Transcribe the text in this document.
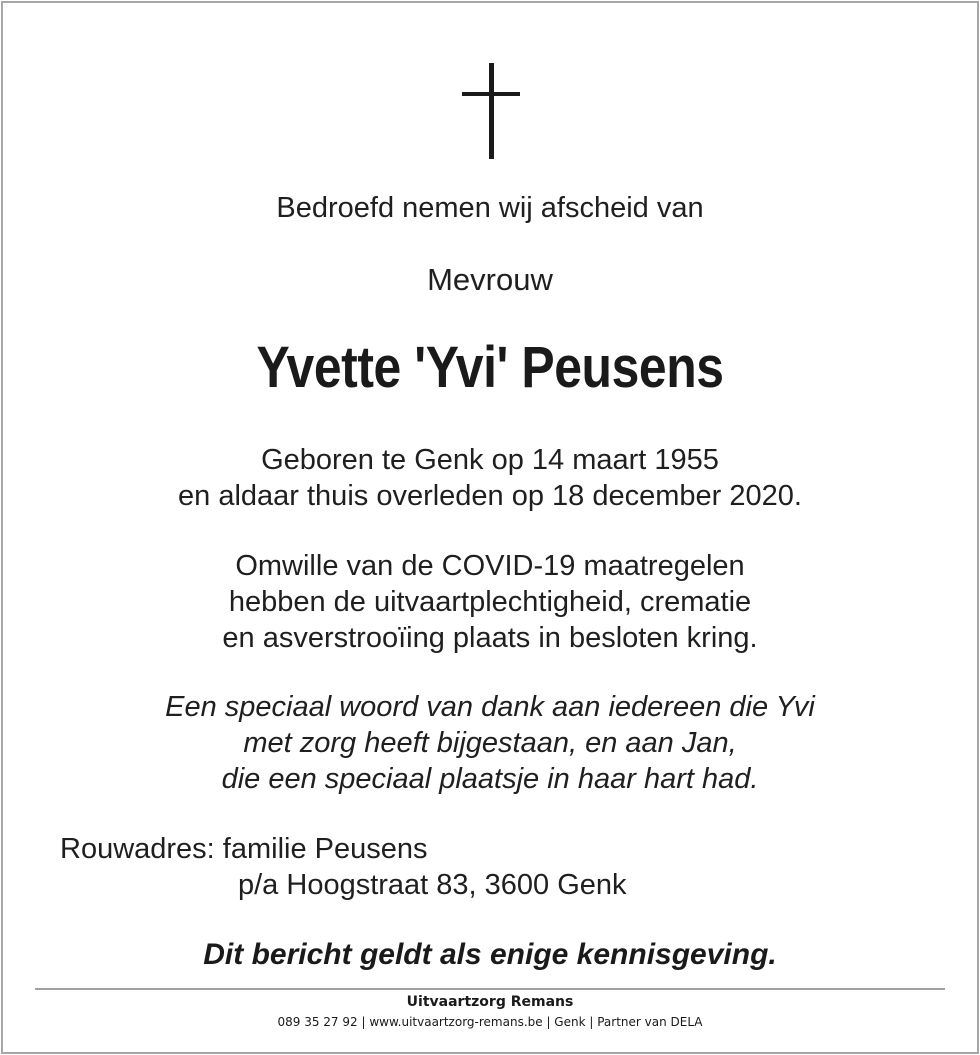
Bedroefd nemen wij afscheid van
Mevrouw
Yvette 'Yvi' Peusens
Geboren te Genk op 14 maart 1955
en aldaar thuis overleden op 18 december 2020.
Omwille van de COVID-19 maatregelen
hebben de uitvaartplechtigheid, crematie
en asverstrooïing plaats in besloten kring.
Een speciaal woord van dank aan iedereen die Yvi
met zorg heeft bijgestaan, en aan Jan,
die een speciaal plaatsje in haar hart had.
Rouwadres: familie Peusens
p/a Hoogstraat 83, 3600 Genk
Dit bericht geldt als enige kennisgeving.
Uitvaartzorg Remans
089 35 27 92 | www.uitvaartzorg-remans.be | Genk | Partner van DELA
